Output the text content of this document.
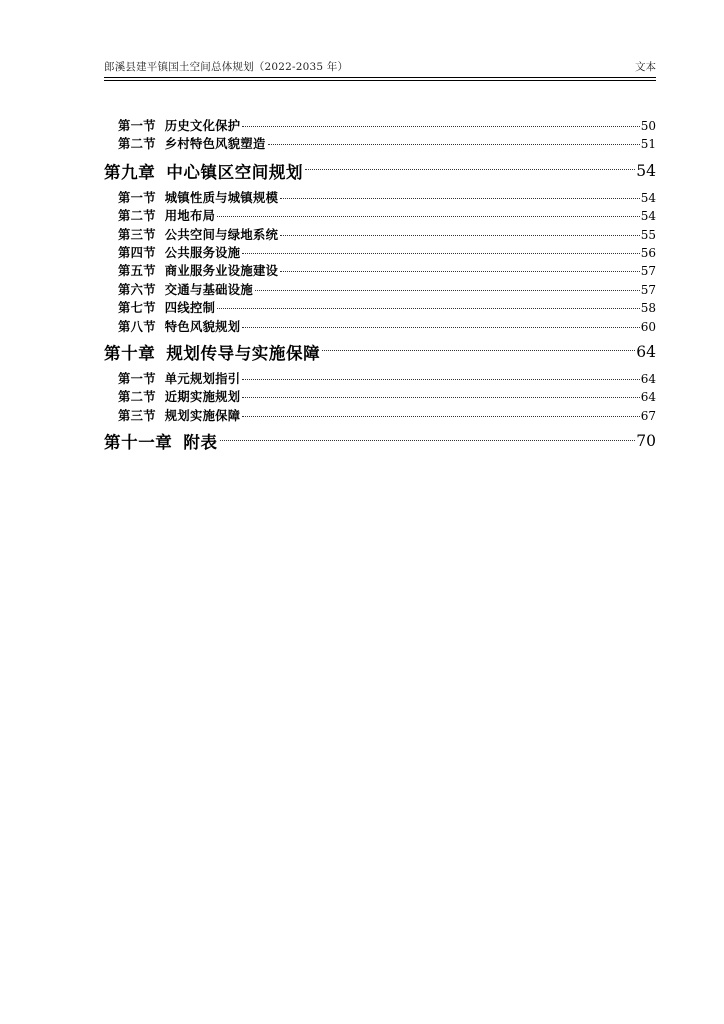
郎溪县建平镇国土空间总体规划（2022-2035 年）	文本
第一节 历史文化保护	50
第二节 乡村特色风貌塑造	51
第九章 中心镇区空间规划	54
第一节 城镇性质与城镇规模	54
第二节 用地布局	54
第三节 公共空间与绿地系统	55
第四节 公共服务设施	56
第五节 商业服务业设施建设	57
第六节 交通与基础设施	57
第七节 四线控制	58
第八节 特色风貌规划	60
第十章 规划传导与实施保障	64
第一节 单元规划指引	64
第二节 近期实施规划	64
第三节 规划实施保障	67
第十一章 附表	70
